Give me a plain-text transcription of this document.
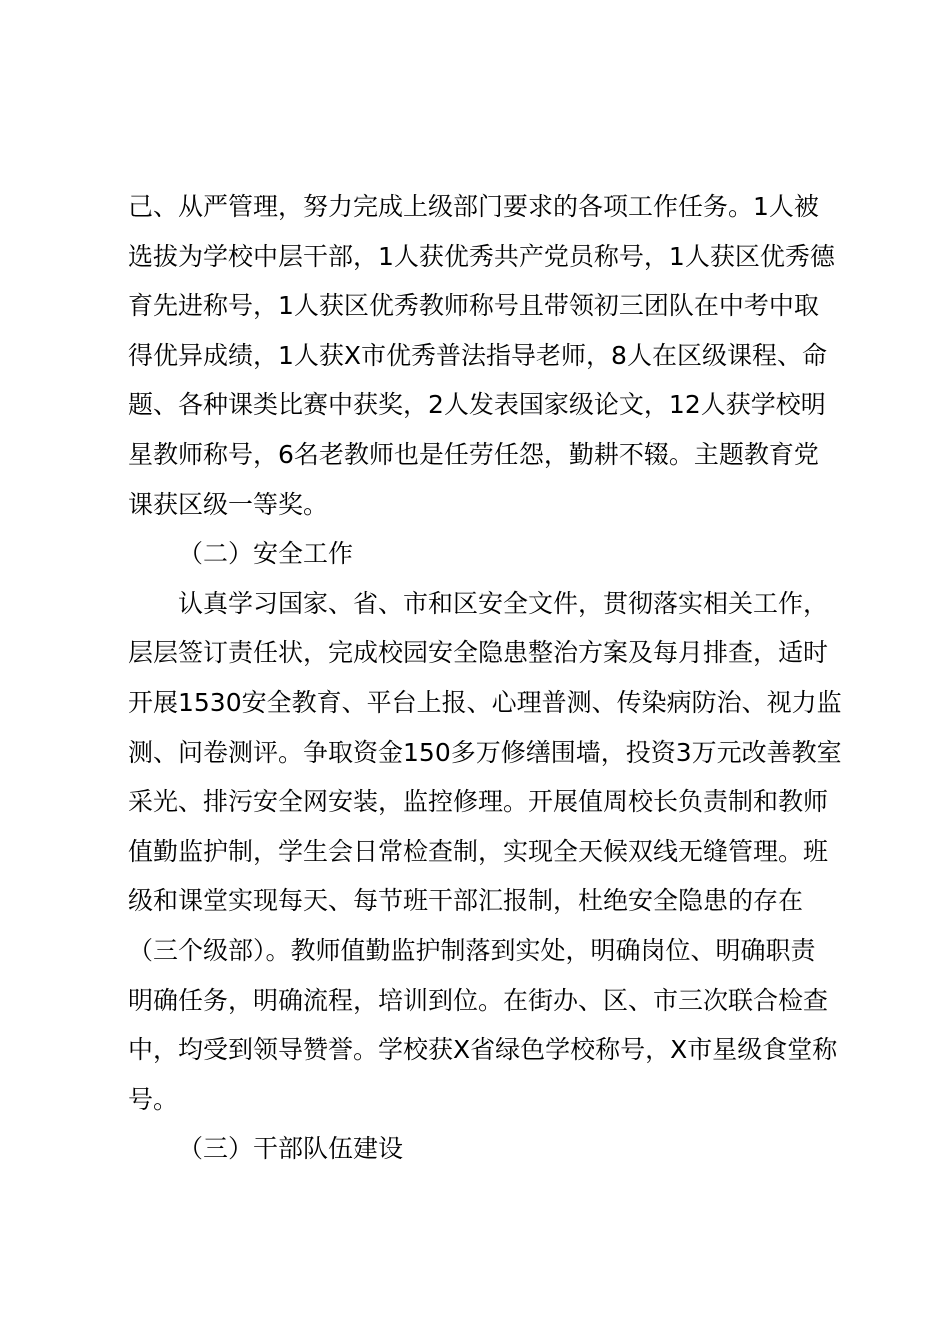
己、从严管理，努力完成上级部门要求的各项工作任务。1人被
选拔为学校中层干部，1人获优秀共产党员称号，1人获区优秀德
育先进称号，1人获区优秀教师称号且带领初三团队在中考中取
得优异成绩，1人获X市优秀普法指导老师，8人在区级课程、命
题、各种课类比赛中获奖，2人发表国家级论文，12人获学校明
星教师称号，6名老教师也是任劳任怨，勤耕不辍。主题教育党
课获区级一等奖。
（二）安全工作
认真学习国家、省、市和区安全文件，贯彻落实相关工作，
层层签订责任状，完成校园安全隐患整治方案及每月排查，适时
开展1530安全教育、平台上报、心理普测、传染病防治、视力监
测、问卷测评。争取资金150多万修缮围墙，投资3万元改善教室
采光、排污安全网安装，监控修理。开展值周校长负责制和教师
值勤监护制，学生会日常检查制，实现全天候双线无缝管理。班
级和课堂实现每天、每节班干部汇报制，杜绝安全隐患的存在
（三个级部）。教师值勤监护制落到实处，明确岗位、明确职责
明确任务，明确流程，培训到位。在街办、区、市三次联合检查
中，均受到领导赞誉。学校获X省绿色学校称号，X市星级食堂称
号。
（三）干部队伍建设
